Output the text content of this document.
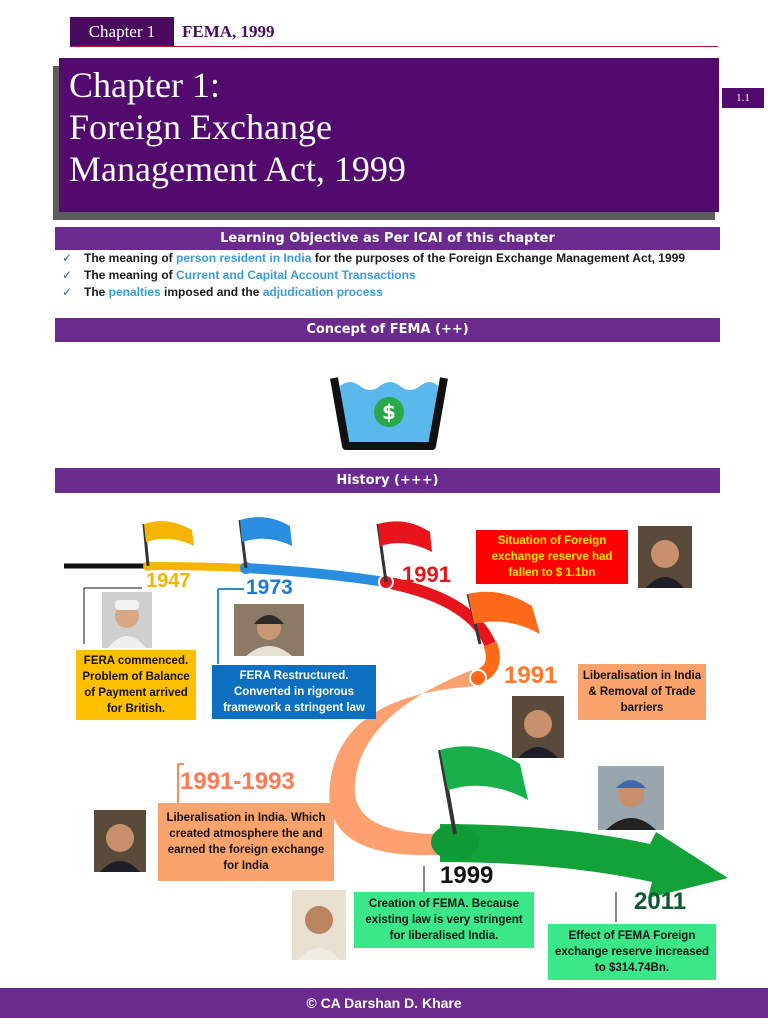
Chapter 1	FEMA, 1999
Chapter 1:
Foreign Exchange
Management Act, 1999
1.1
Learning Objective as Per ICAI of this chapter
✓ The meaning of person resident in India for the purposes of the Foreign Exchange Management Act, 1999
✓ The meaning of Current and Capital Account Transactions
✓ The penalties imposed and the adjudication process
Concept of FEMA (++)
$
History (+++)
1947	1973
1991
1991
1991-1993
1999
2011
FERA commenced. Problem of Balance of Payment arrived for British.
FERA Restructured. Converted in rigorous framework a stringent law
Situation of Foreign exchange reserve had fallen to $ 1.1bn
Liberalisation in India & Removal of Trade barriers
Liberalisation in India. Which created atmosphere the and earned the foreign exchange for India
Creation of FEMA. Because existing law is very stringent for liberalised India.	Effect of FEMA Foreign exchange reserve increased to $314.74Bn.
© CA Darshan D. Khare
